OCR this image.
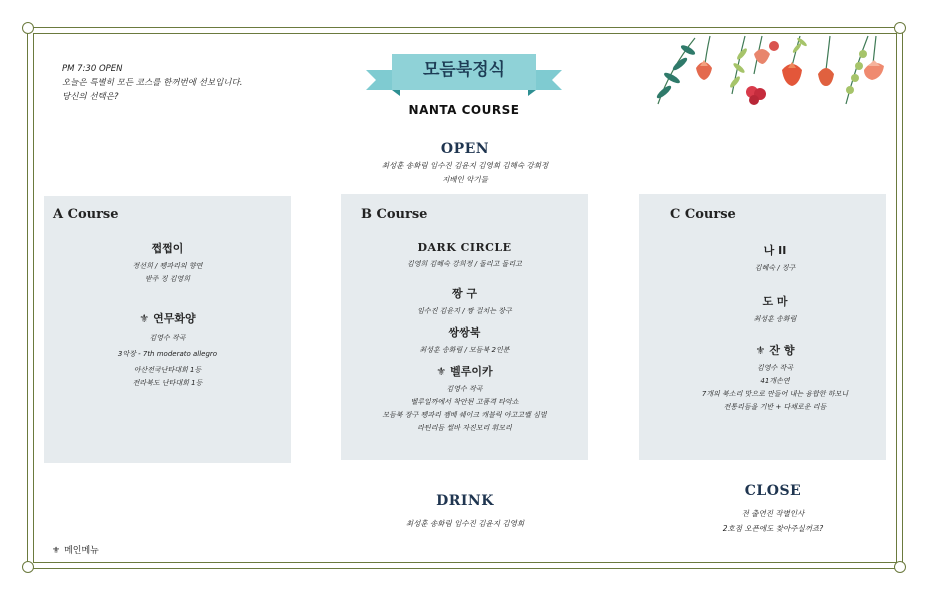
PM 7:30 OPEN
오늘은 특별히 모든 코스를 한꺼번에 선보입니다.
당신의 선택은?
모듬북정식
NANTA COURSE
OPEN
최성훈 송화림 임수진 김윤지 김영희 김혜숙 강희정
지배인 악기들
A Course
쩝쩝이
정선희 / 꽹과리의 향연
받주 징 김영희
⚜ 연무화양
김영수 작곡
3악장 - 7th moderato allegro
아산전국난타대회 1등
전라북도 난타대회 1등
B Course
DARK CIRCLE
김영희 김혜숙 강희정 / 돌리고 돌리고
짱 구
임수진 김윤지 / 짱 걸치는 장구
쌍쌍북
최성훈 송화림 / 모듬북 2인분
⚜ 벨루이카
김영수 작곡
벨루일까에서 착안된 고품격 타악쇼
모듬북 장구 꽹과리 젬베 쉐이크 캐블릭 아고고벨 심벌
라틴리듬 썰바 자진모리 휘모리
C Course
나 II
김혜숙 / 징구
도 마
최성훈 송화림
⚜ 잔 향
김영수 작곡
41개손연
7개의 북소리 맛으로 만들어 내는 융합한 하모니
전통리듬을 기반 + 다채로운 리듬
DRINK
최성훈 송화림 임수진 김윤지 김영희
CLOSE
전 출연진 작별인사
2호점 오픈에도 찾아주실꺼죠?
⚜ 메인메뉴
